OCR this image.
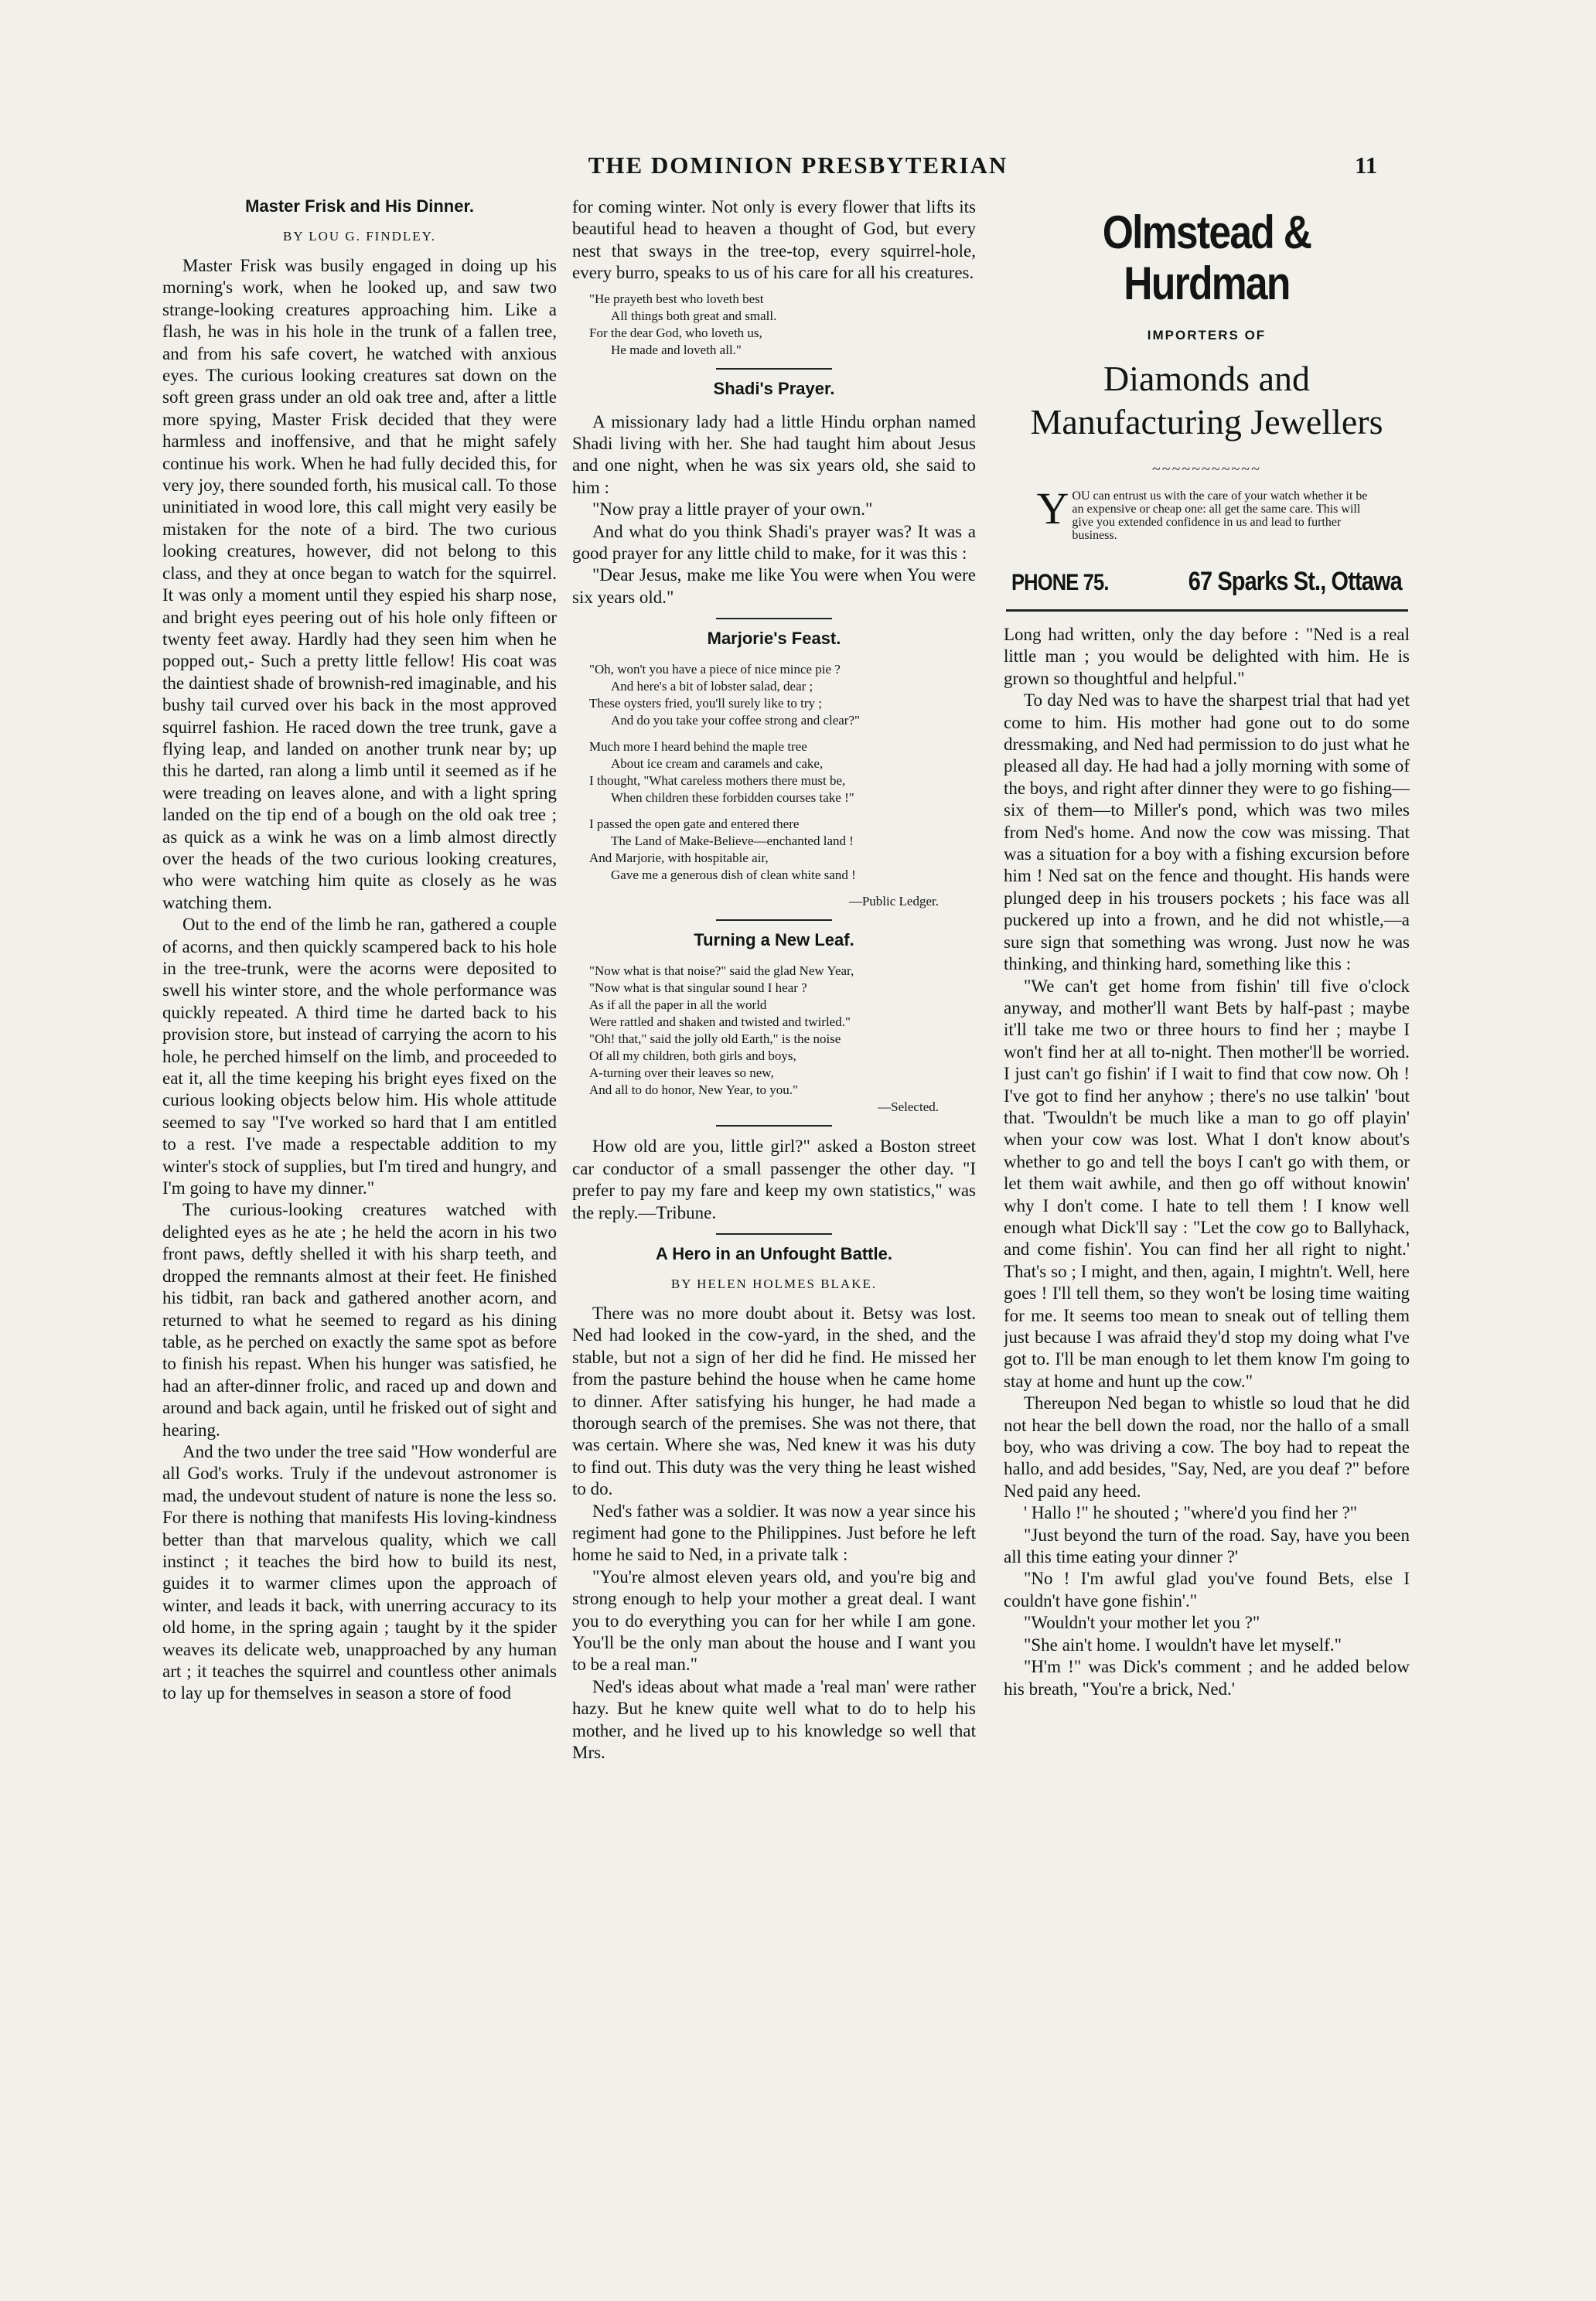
THE DOMINION PRESBYTERIAN	11
Master Frisk and His Dinner.
BY LOU G. FINDLEY.

Master Frisk was busily engaged in doing up his morning's work, when he looked up, and saw two strange-looking creatures approaching him. Like a flash, he was in his hole in the trunk of a fallen tree, and from his safe covert, he watched with anxious eyes. The curious looking creatures sat down on the soft green grass under an old oak tree and, after a little more spying, Master Frisk decided that they were harmless and inoffensive, and that he might safely continue his work. When he had fully decided this, for very joy, there sounded forth, his musical call. To those uninitiated in wood lore, this call might very easily be mistaken for the note of a bird. The two curious looking creatures, however, did not belong to this class, and they at once began to watch for the squirrel. It was only a moment until they espied his sharp nose, and bright eyes peering out of his hole only fifteen or twenty feet away. Hardly had they seen him when he popped out,- Such a pretty little fellow! His coat was the daintiest shade of brownish-red imaginable, and his bushy tail curved over his back in the most approved squirrel fashion. He raced down the tree trunk, gave a flying leap, and landed on another trunk near by; up this he darted, ran along a limb until it seemed as if he were treading on leaves alone, and with a light spring landed on the tip end of a bough on the old oak tree ; as quick as a wink he was on a limb almost directly over the heads of the two curious looking creatures, who were watching him quite as closely as he was watching them.

Out to the end of the limb he ran, gathered a couple of acorns, and then quickly scampered back to his hole in the tree-trunk, were the acorns were deposited to swell his winter store, and the whole performance was quickly repeated. A third time he darted back to his provision store, but instead of carrying the acorn to his hole, he perched himself on the limb, and proceeded to eat it, all the time keeping his bright eyes fixed on the curious looking objects below him. His whole attitude seemed to say "I've worked so hard that I am entitled to a rest. I've made a respectable addition to my winter's stock of supplies, but I'm tired and hungry, and I'm going to have my dinner."

The curious-looking creatures watched with delighted eyes as he ate ; he held the acorn in his two front paws, deftly shelled it with his sharp teeth, and dropped the remnants almost at their feet. He finished his tidbit, ran back and gathered another acorn, and returned to what he seemed to regard as his dining table, as he perched on exactly the same spot as before to finish his repast. When his hunger was satisfied, he had an after-dinner frolic, and raced up and down and around and back again, until he frisked out of sight and hearing.

And the two under the tree said "How wonderful are all God's works. Truly if the undevout astronomer is mad, the undevout student of nature is none the less so. For there is nothing that manifests His loving-kindness better than that marvelous quality, which we call instinct ; it teaches the bird how to build its nest, guides it to warmer climes upon the approach of winter, and leads it back, with unerring accuracy to its old home, in the spring again ; taught by it the spider weaves its delicate web, unapproached by any human art ; it teaches the squirrel and countless other animals to lay up for themselves in season a store of food

for coming winter. Not only is every flower that lifts its beautiful head to heaven a thought of God, but every nest that sways in the tree-top, every squirrel-hole, every burro, speaks to us of his care for all his creatures.

"He prayeth best who loveth best
All things both great and small.
For the dear God, who loveth us,
He made and loveth all."
Shadi's Prayer.

A missionary lady had a little Hindu orphan named Shadi living with her. She had taught him about Jesus and one night, when he was six years old, she said to him :

"Now pray a little prayer of your own."

And what do you think Shadi's prayer was? It was a good prayer for any little child to make, for it was this :

"Dear Jesus, make me like You were when You were six years old."

Marjorie's Feast.
"Oh, won't you have a piece of nice mince pie ?
And here's a bit of lobster salad, dear ;
These oysters fried, you'll surely like to try ;
And do you take your coffee strong and clear?"
Much more I heard behind the maple tree
About ice cream and caramels and cake,
I thought, "What careless mothers there must be,
When children these forbidden courses take !"
I passed the open gate and entered there
The Land of Make-Believe—enchanted land !
And Marjorie, with hospitable air,
Gave me a generous dish of clean white sand !
—Public Ledger.
Turning a New Leaf.
"Now what is that noise?" said the glad New Year,
"Now what is that singular sound I hear ?
As if all the paper in all the world
Were rattled and shaken and twisted and twirled."
"Oh! that," said the jolly old Earth," is the noise
Of all my children, both girls and boys,
A-turning over their leaves so new,
And all to do honor, New Year, to you."
—Selected.

How old are you, little girl?" asked a Boston street car conductor of a small passenger the other day. "I prefer to pay my fare and keep my own statistics," was the reply.—Tribune.

A Hero in an Unfought Battle.
BY HELEN HOLMES BLAKE.

There was no more doubt about it. Betsy was lost. Ned had looked in the cow-yard, in the shed, and the stable, but not a sign of her did he find. He missed her from the pasture behind the house when he came home to dinner. After satisfying his hunger, he had made a thorough search of the premises. She was not there, that was certain. Where she was, Ned knew it was his duty to find out. This duty was the very thing he least wished to do.

Ned's father was a soldier. It was now a year since his regiment had gone to the Philippines. Just before he left home he said to Ned, in a private talk :

"You're almost eleven years old, and you're big and strong enough to help your mother a great deal. I want you to do everything you can for her while I am gone. You'll be the only man about the house and I want you to be a real man."

Ned's ideas about what made a 'real man' were rather hazy. But he knew quite well what to do to help his mother, and he lived up to his knowledge so well that Mrs.

Olmstead & Hurdman
IMPORTERS OF
Diamonds and
Manufacturing Jewellers
~~~~~~~~~~~
Y OU can entrust us with the care of your watch whether it be an expensive or cheap one: all get the same care. This will give you extended confidence in us and lead to further business.
PHONE 75.	67 Sparks St., Ottawa

Long had written, only the day before : "Ned is a real little man ; you would be delighted with him. He is grown so thoughtful and helpful."

To day Ned was to have the sharpest trial that had yet come to him. His mother had gone out to do some dressmaking, and Ned had permission to do just what he pleased all day. He had had a jolly morning with some of the boys, and right after dinner they were to go fishing—six of them—to Miller's pond, which was two miles from Ned's home. And now the cow was missing. That was a situation for a boy with a fishing excursion before him ! Ned sat on the fence and thought. His hands were plunged deep in his trousers pockets ; his face was all puckered up into a frown, and he did not whistle,—a sure sign that something was wrong. Just now he was thinking, and thinking hard, something like this :

"We can't get home from fishin' till five o'clock anyway, and mother'll want Bets by half-past ; maybe it'll take me two or three hours to find her ; maybe I won't find her at all to-night. Then mother'll be worried. I just can't go fishin' if I wait to find that cow now. Oh ! I've got to find her anyhow ; there's no use talkin' 'bout that. 'Twouldn't be much like a man to go off playin' when your cow was lost. What I don't know about's whether to go and tell the boys I can't go with them, or let them wait awhile, and then go off without knowin' why I don't come. I hate to tell them ! I know well enough what Dick'll say : "Let the cow go to Ballyhack, and come fishin'. You can find her all right to night.' That's so ; I might, and then, again, I mightn't. Well, here goes ! I'll tell them, so they won't be losing time waiting for me. It seems too mean to sneak out of telling them just because I was afraid they'd stop my doing what I've got to. I'll be man enough to let them know I'm going to stay at home and hunt up the cow."

Thereupon Ned began to whistle so loud that he did not hear the bell down the road, nor the hallo of a small boy, who was driving a cow. The boy had to repeat the hallo, and add besides, "Say, Ned, are you deaf ?" before Ned paid any heed.

' Hallo !" he shouted ; "where'd you find her ?"

"Just beyond the turn of the road. Say, have you been all this time eating your dinner ?'

"No ! I'm awful glad you've found Bets, else I couldn't have gone fishin'."

"Wouldn't your mother let you ?"

"She ain't home. I wouldn't have let myself."

"H'm !" was Dick's comment ; and he added below his breath, "You're a brick, Ned.'
